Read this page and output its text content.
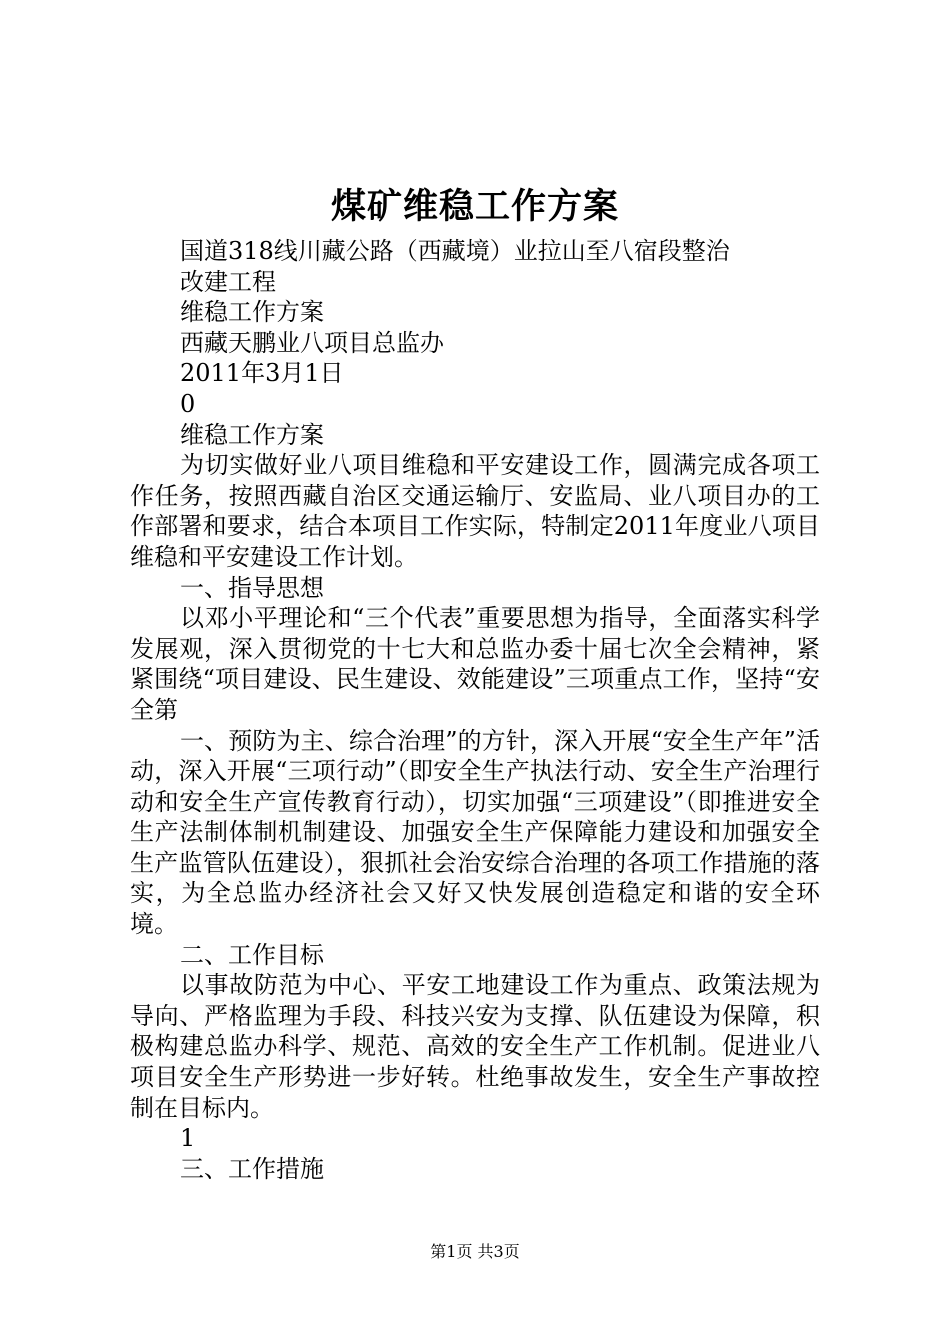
煤矿维稳工作方案

国道318线川藏公路（西藏境）业拉山至八宿段整治

改建工程

维稳工作方案

西藏天鹏业八项目总监办

2011年3月1日

0

维稳工作方案

为切实做好业八项目维稳和平安建设工作，圆满完成各项工作任务，按照西藏自治区交通运输厅、安监局、业八项目办的工作部署和要求，结合本项目工作实际，特制定2011年度业八项目维稳和平安建设工作计划。

一、指导思想

以邓小平理论和“三个代表”重要思想为指导，全面落实科学发展观，深入贯彻党的十七大和总监办委十届七次全会精神，紧紧围绕“项目建设、民生建设、效能建设”三项重点工作，坚持“安全第

一、预防为主、综合治理”的方针，深入开展“安全生产年”活动，深入开展“三项行动”（即安全生产执法行动、安全生产治理行动和安全生产宣传教育行动），切实加强“三项建设”（即推进安全生产法制体制机制建设、加强安全生产保障能力建设和加强安全生产监管队伍建设），狠抓社会治安综合治理的各项工作措施的落实，为全总监办经济社会又好又快发展创造稳定和谐的安全环境。

二、工作目标

以事故防范为中心、平安工地建设工作为重点、政策法规为导向、严格监理为手段、科技兴安为支撑、队伍建设为保障，积极构建总监办科学、规范、高效的安全生产工作机制。促进业八项目安全生产形势进一步好转。杜绝事故发生，安全生产事故控制在目标内。

1

三、工作措施

第1页 共3页
